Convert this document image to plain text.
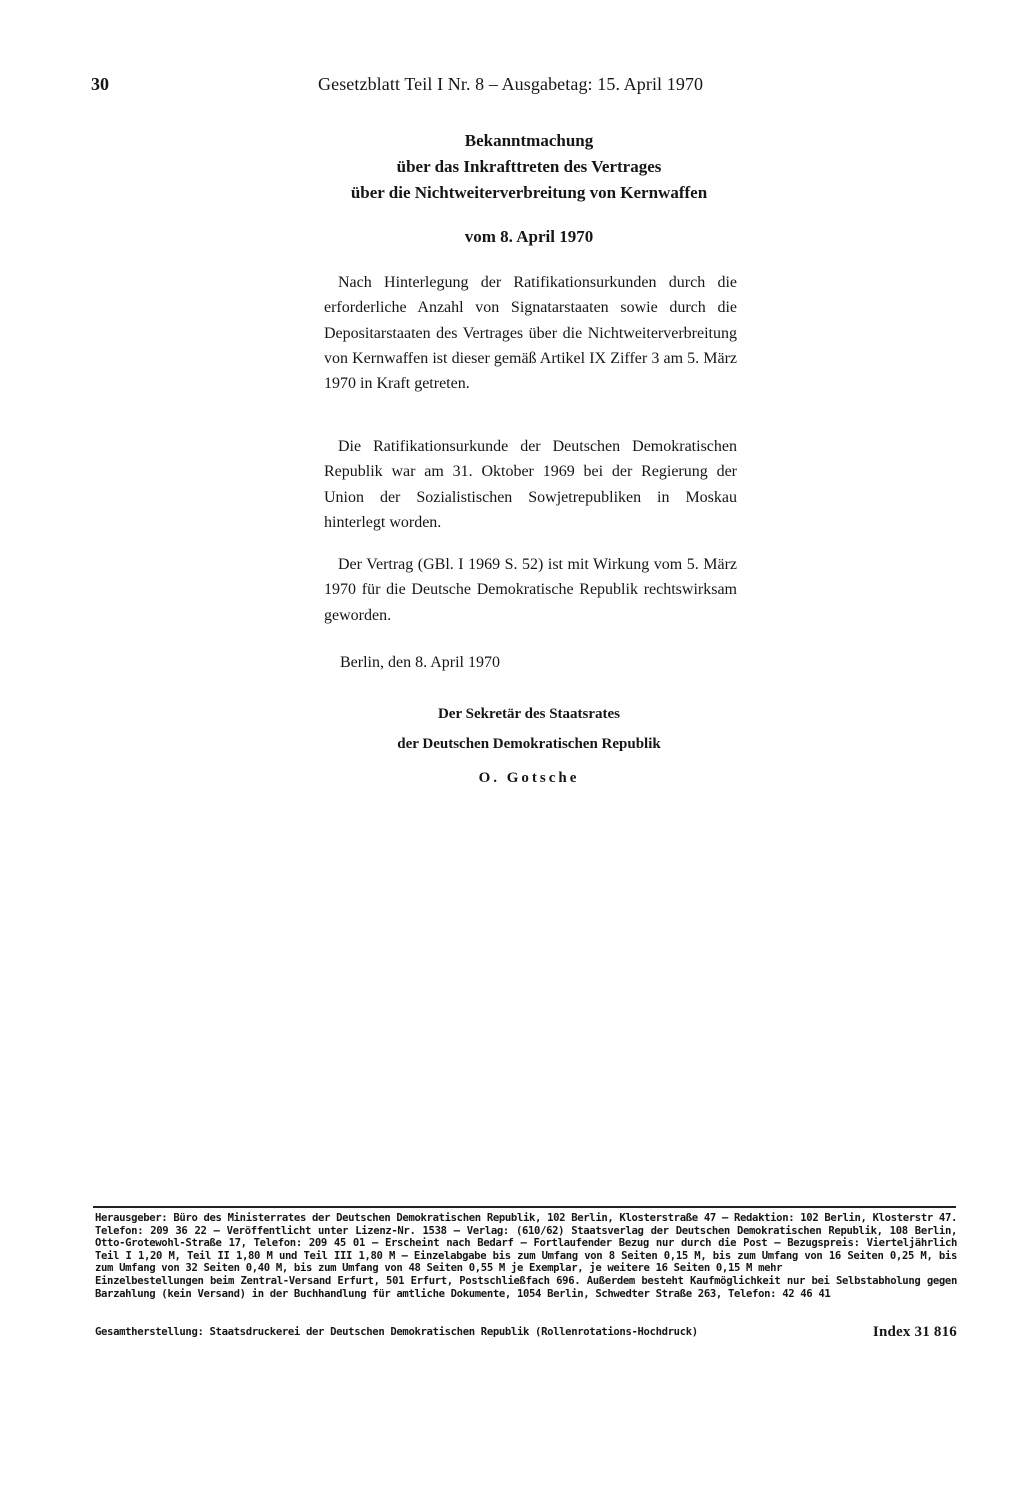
30	Gesetzblatt Teil I Nr. 8 – Ausgabetag: 15. April 1970
Bekanntmachung
über das Inkrafttreten des Vertrages
über die Nichtweiterverbreitung von Kernwaffen
vom 8. April 1970

Nach Hinterlegung der Ratifikationsurkunden durch die erforderliche Anzahl von Signatarstaaten sowie durch die Depositarstaaten des Vertrages über die Nichtweiterverbreitung von Kernwaffen ist dieser gemäß Artikel IX Ziffer 3 am 5. März 1970 in Kraft getreten.

Die Ratifikationsurkunde der Deutschen Demokratischen Republik war am 31. Oktober 1969 bei der Regierung der Union der Sozialistischen Sowjetrepubliken in Moskau hinterlegt worden.

Der Vertrag (GBl. I 1969 S. 52) ist mit Wirkung vom 5. März 1970 für die Deutsche Demokratische Republik rechtswirksam geworden.

Berlin, den 8. April 1970
Der Sekretär des Staatsrates
der Deutschen Demokratischen Republik
O. Gotsche

Herausgeber: Büro des Ministerrates der Deutschen Demokratischen Republik, 102 Berlin, Klosterstraße 47 – Redaktion: 102 Berlin, Klosterstr 47. Telefon: 209 36 22 – Veröffentlicht unter Lizenz-Nr. 1538 – Verlag: (610/62) Staatsverlag der Deutschen Demokratischen Republik, 108 Berlin, Otto-Grotewohl-Straße 17, Telefon: 209 45 01 – Erscheint nach Bedarf – Fortlaufender Bezug nur durch die Post – Bezugspreis: Vierteljährlich Teil I 1,20 M, Teil II 1,80 M und Teil III 1,80 M – Einzelabgabe bis zum Umfang von 8 Seiten 0,15 M, bis zum Umfang von 16 Seiten 0,25 M, bis zum Umfang von 32 Seiten 0,40 M, bis zum Umfang von 48 Seiten 0,55 M je Exemplar, je weitere 16 Seiten 0,15 M mehr

Einzelbestellungen beim Zentral-Versand Erfurt, 501 Erfurt, Postschließfach 696. Außerdem besteht Kaufmöglichkeit nur bei Selbstabholung gegen Barzahlung (kein Versand) in der Buchhandlung für amtliche Dokumente, 1054 Berlin, Schwedter Straße 263, Telefon: 42 46 41

Gesamtherstellung: Staatsdruckerei der Deutschen Demokratischen Republik (Rollenrotations-Hochdruck)	Index 31 816
